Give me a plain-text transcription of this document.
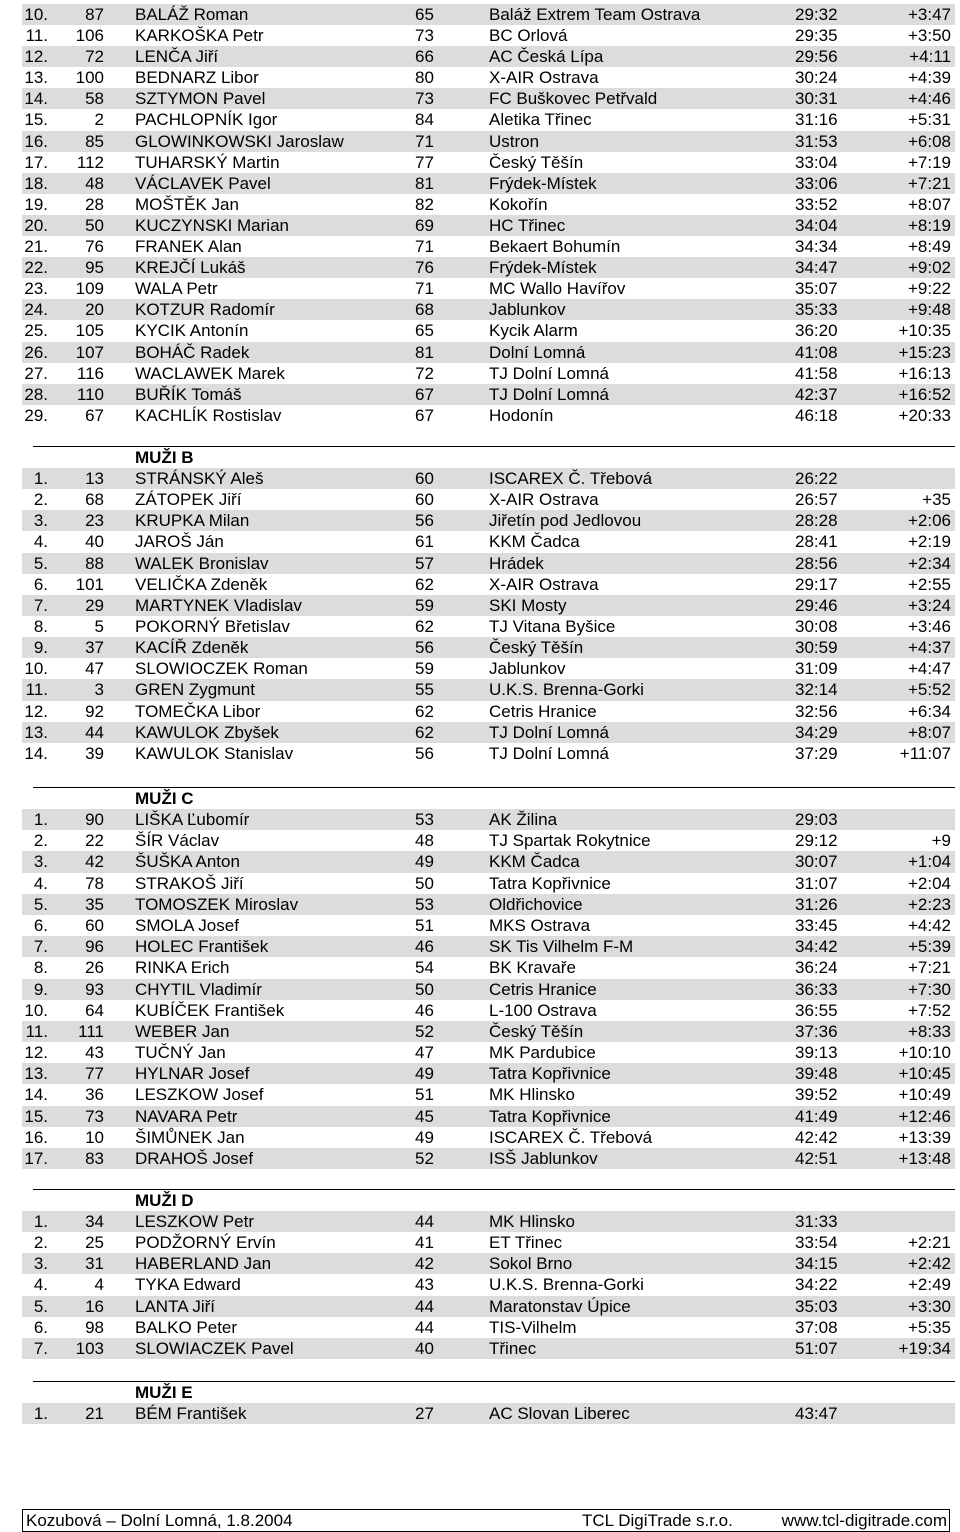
10.	87 BALÁŽ Roman	65	Baláž Extrem Team Ostrava	29:32	+3:47
11.	106 KARKOŠKA Petr	73	BC Orlová	29:35	+3:50
12.	72 LENČA Jiří	66	AC Česká Lípa	29:56	+4:11
13.	100 BEDNARZ Libor	80	X-AIR Ostrava	30:24	+4:39
14.	58 SZTYMON Pavel	73	FC Buškovec Petřvald	30:31	+4:46
15.	2 PACHLOPNÍK Igor	84	Aletika Třinec	31:16	+5:31
16.	85 GLOWINKOWSKI Jaroslaw	71	Ustron	31:53	+6:08
17.	112 TUHARSKÝ Martin	77	Český Těšín	33:04	+7:19
18.	48 VÁCLAVEK Pavel	81	Frýdek-Místek	33:06	+7:21
19.	28 MOŠTĚK Jan	82	Kokořín	33:52	+8:07
20.	50 KUCZYNSKI Marian	69	HC Třinec	34:04	+8:19
21.	76 FRANEK Alan	71	Bekaert Bohumín	34:34	+8:49
22.	95 KREJČÍ Lukáš	76	Frýdek-Místek	34:47	+9:02
23.	109 WALA Petr	71	MC Wallo Havířov	35:07	+9:22
24.	20 KOTZUR Radomír	68	Jablunkov	35:33	+9:48
25.	105 KYCIK Antonín	65	Kycik Alarm	36:20	+10:35
26.	107 BOHÁČ Radek	81	Dolní Lomná	41:08	+15:23
27.	116 WACLAWEK Marek	72	TJ Dolní Lomná	41:58	+16:13
28.	110 BUŘÍK Tomáš	67	TJ Dolní Lomná	42:37	+16:52
29.	67 KACHLÍK Rostislav	67	Hodonín	46:18	+20:33
MUŽI B
1.	13 STRÁNSKÝ Aleš	60	ISCAREX Č. Třebová	26:22
2.	68 ZÁTOPEK Jiří	60	X-AIR Ostrava	26:57	+35
3.	23 KRUPKA Milan	56	Jiřetín pod Jedlovou	28:28	+2:06
4.	40 JAROŠ Ján	61	KKM Čadca	28:41	+2:19
5.	88 WALEK Bronislav	57	Hrádek	28:56	+2:34
6.	101 VELIČKA Zdeněk	62	X-AIR Ostrava	29:17	+2:55
7.	29 MARTYNEK Vladislav	59	SKI Mosty	29:46	+3:24
8.	5 POKORNÝ Břetislav	62	TJ Vitana Byšice	30:08	+3:46
9.	37 KACÍŘ Zdeněk	56	Český Těšín	30:59	+4:37
10.	47 SLOWIOCZEK Roman	59	Jablunkov	31:09	+4:47
11.	3 GREN Zygmunt	55	U.K.S. Brenna-Gorki	32:14	+5:52
12.	92 TOMEČKA Libor	62	Cetris Hranice	32:56	+6:34
13.	44 KAWULOK Zbyšek	62	TJ Dolní Lomná	34:29	+8:07
14.	39 KAWULOK Stanislav	56	TJ Dolní Lomná	37:29	+11:07
MUŽI C
1.	90 LIŠKA Ľubomír	53	AK Žilina	29:03
2.	22 ŠÍR Václav	48	TJ Spartak Rokytnice	29:12	+9
3.	42 ŠUŠKA Anton	49	KKM Čadca	30:07	+1:04
4.	78 STRAKOŠ Jiří	50	Tatra Kopřivnice	31:07	+2:04
5.	35 TOMOSZEK Miroslav	53	Oldřichovice	31:26	+2:23
6.	60 SMOLA Josef	51	MKS Ostrava	33:45	+4:42
7.	96 HOLEC František	46	SK Tis Vilhelm F-M	34:42	+5:39
8.	26 RINKA Erich	54	BK Kravaře	36:24	+7:21
9.	93 CHYTIL Vladimír	50	Cetris Hranice	36:33	+7:30
10.	64 KUBÍČEK František	46	L-100 Ostrava	36:55	+7:52
11.	111 WEBER Jan	52	Český Těšín	37:36	+8:33
12.	43 TUČNÝ Jan	47	MK Pardubice	39:13	+10:10
13.	77 HYLNAR Josef	49	Tatra Kopřivnice	39:48	+10:45
14.	36 LESZKOW Josef	51	MK Hlinsko	39:52	+10:49
15.	73 NAVARA Petr	45	Tatra Kopřivnice	41:49	+12:46
16.	10 ŠIMŮNEK Jan	49	ISCAREX Č. Třebová	42:42	+13:39
17.	83 DRAHOŠ Josef	52	ISŠ Jablunkov	42:51	+13:48
MUŽI D
1.	34 LESZKOW Petr	44	MK Hlinsko	31:33
2.	25 PODŽORNÝ Ervín	41	ET Třinec	33:54	+2:21
3.	31 HABERLAND Jan	42	Sokol Brno	34:15	+2:42
4.	4 TYKA Edward	43	U.K.S. Brenna-Gorki	34:22	+2:49
5.	16 LANTA Jiří	44	Maratonstav Úpice	35:03	+3:30
6.	98 BALKO Peter	44	TIS-Vilhelm	37:08	+5:35
7.	103 SLOWIACZEK Pavel	40	Třinec	51:07	+19:34
MUŽI E
1.	21 BÉM František	27	AC Slovan Liberec	43:47
Kozubová – Dolní Lomná, 1.8.2004	TCL DigiTrade s.r.o.	www.tcl-digitrade.com
